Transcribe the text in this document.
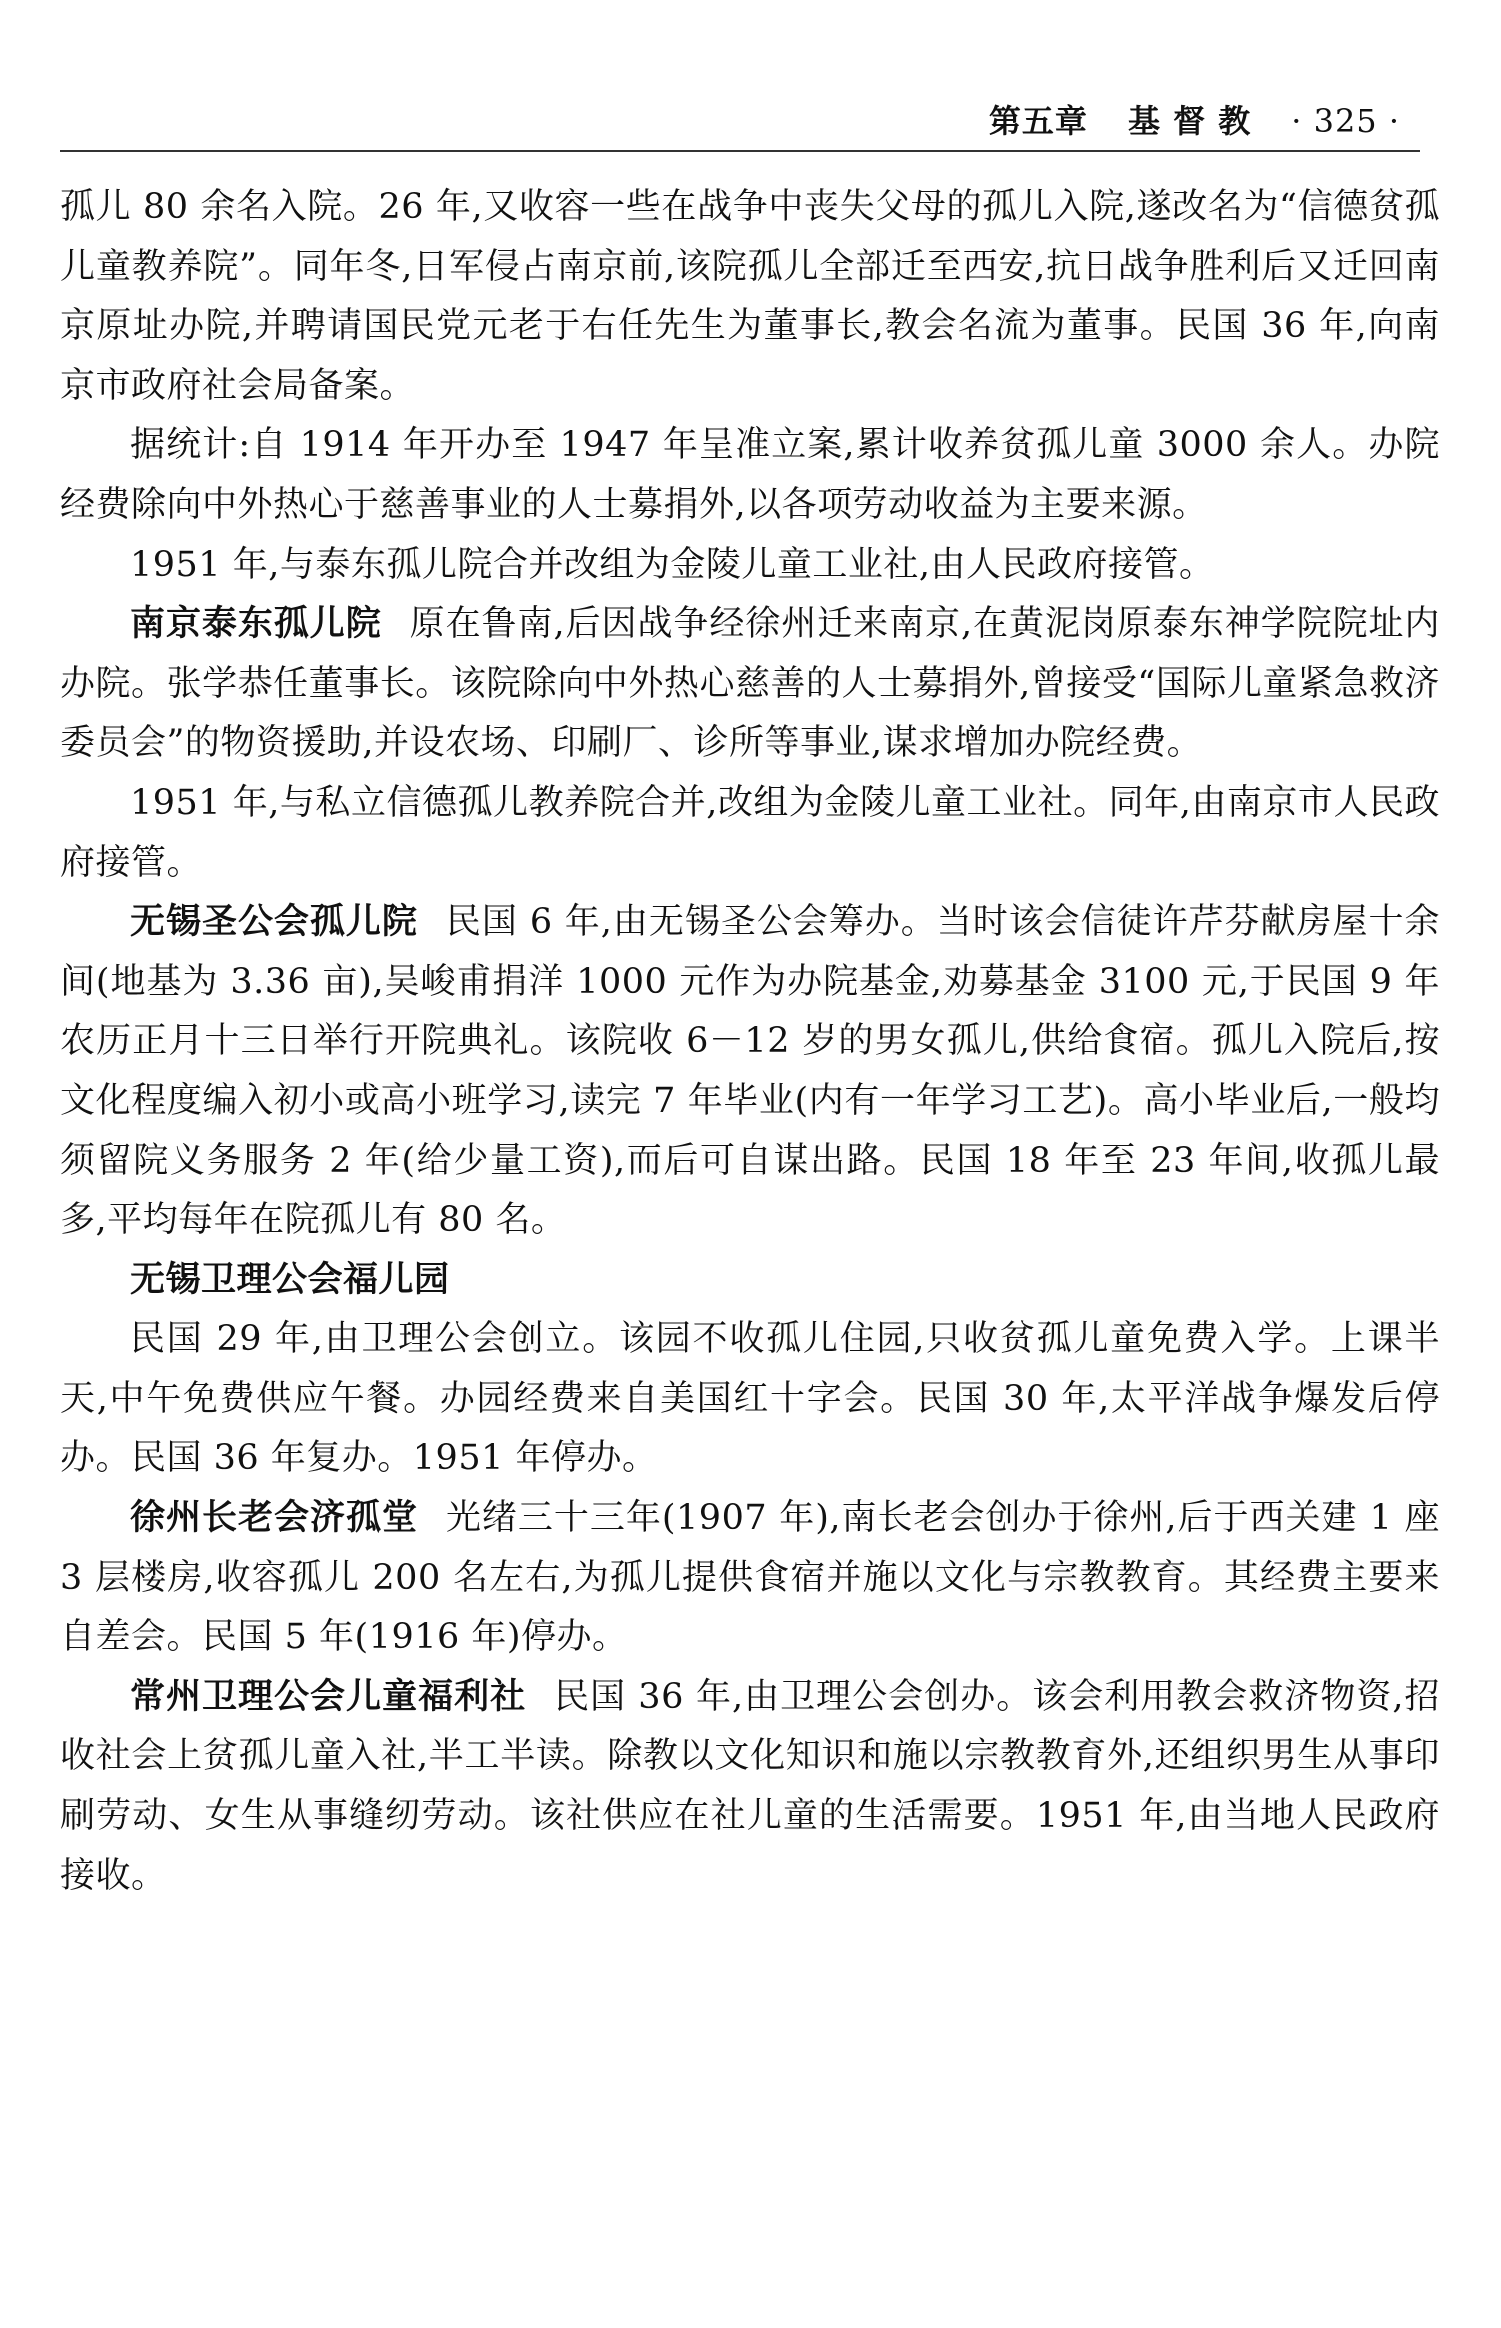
第五章 基 督 教 · 325 ·

孤儿 80 余名入院。26 年,又收容一些在战争中丧失父母的孤儿入院,遂改名为“信德贫孤儿童教养院”。同年冬,日军侵占南京前,该院孤儿全部迁至西安,抗日战争胜利后又迁回南京原址办院,并聘请国民党元老于右任先生为董事长,教会名流为董事。民国 36 年,向南京市政府社会局备案。

据统计:自 1914 年开办至 1947 年呈准立案,累计收养贫孤儿童 3000 余人。办院经费除向中外热心于慈善事业的人士募捐外,以各项劳动收益为主要来源。

1951 年,与泰东孤儿院合并改组为金陵儿童工业社,由人民政府接管。

南京泰东孤儿院 原在鲁南,后因战争经徐州迁来南京,在黄泥岗原泰东神学院院址内办院。张学恭任董事长。该院除向中外热心慈善的人士募捐外,曾接受“国际儿童紧急救济委员会”的物资援助,并设农场、印刷厂、诊所等事业,谋求增加办院经费。

1951 年,与私立信德孤儿教养院合并,改组为金陵儿童工业社。同年,由南京市人民政府接管。

无锡圣公会孤儿院 民国 6 年,由无锡圣公会筹办。当时该会信徒许芹芬献房屋十余间(地基为 3.36 亩),吴峻甫捐洋 1000 元作为办院基金,劝募基金 3100 元,于民国 9 年农历正月十三日举行开院典礼。该院收 6－12 岁的男女孤儿,供给食宿。孤儿入院后,按文化程度编入初小或高小班学习,读完 7 年毕业(内有一年学习工艺)。高小毕业后,一般均须留院义务服务 2 年(给少量工资),而后可自谋出路。民国 18 年至 23 年间,收孤儿最多,平均每年在院孤儿有 80 名。

无锡卫理公会福儿园

民国 29 年,由卫理公会创立。该园不收孤儿住园,只收贫孤儿童免费入学。上课半天,中午免费供应午餐。办园经费来自美国红十字会。民国 30 年,太平洋战争爆发后停办。民国 36 年复办。1951 年停办。

徐州长老会济孤堂 光绪三十三年(1907 年),南长老会创办于徐州,后于西关建 1 座 3 层楼房,收容孤儿 200 名左右,为孤儿提供食宿并施以文化与宗教教育。其经费主要来自差会。民国 5 年(1916 年)停办。

常州卫理公会儿童福利社 民国 36 年,由卫理公会创办。该会利用教会救济物资,招收社会上贫孤儿童入社,半工半读。除教以文化知识和施以宗教教育外,还组织男生从事印刷劳动、女生从事缝纫劳动。该社供应在社儿童的生活需要。1951 年,由当地人民政府接收。
